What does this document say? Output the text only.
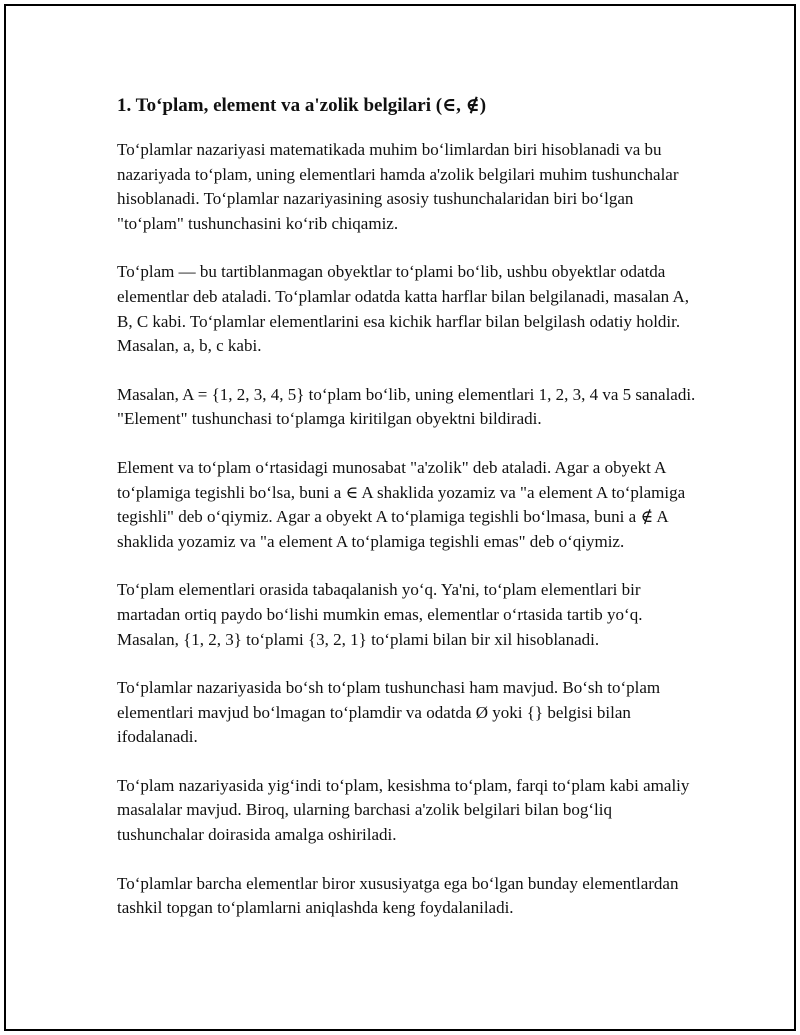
1. To‘plam, element va a'zolik belgilari (∈, ∉)

To‘plamlar nazariyasi matematikada muhim bo‘limlardan biri hisoblanadi va bu nazariyada to‘plam, uning elementlari hamda a'zolik belgilari muhim tushunchalar hisoblanadi. To‘plamlar nazariyasining asosiy tushunchalaridan biri bo‘lgan "to‘plam" tushunchasini ko‘rib chiqamiz.

To‘plam — bu tartiblanmagan obyektlar to‘plami bo‘lib, ushbu obyektlar odatda elementlar deb ataladi. To‘plamlar odatda katta harflar bilan belgilanadi, masalan A, B, C kabi. To‘plamlar elementlarini esa kichik harflar bilan belgilash odatiy holdir. Masalan, a, b, c kabi.

Masalan, A = {1, 2, 3, 4, 5} to‘plam bo‘lib, uning elementlari 1, 2, 3, 4 va 5 sanaladi. "Element" tushunchasi to‘plamga kiritilgan obyektni bildiradi.

Element va to‘plam o‘rtasidagi munosabat "a'zolik" deb ataladi. Agar a obyekt A to‘plamiga tegishli bo‘lsa, buni a ∈ A shaklida yozamiz va "a element A to‘plamiga tegishli" deb o‘qiymiz. Agar a obyekt A to‘plamiga tegishli bo‘lmasa, buni a ∉ A shaklida yozamiz va "a element A to‘plamiga tegishli emas" deb o‘qiymiz.

To‘plam elementlari orasida tabaqalanish yo‘q. Ya'ni, to‘plam elementlari bir martadan ortiq paydo bo‘lishi mumkin emas, elementlar o‘rtasida tartib yo‘q. Masalan, {1, 2, 3} to‘plami {3, 2, 1} to‘plami bilan bir xil hisoblanadi.

To‘plamlar nazariyasida bo‘sh to‘plam tushunchasi ham mavjud. Bo‘sh to‘plam elementlari mavjud bo‘lmagan to‘plamdir va odatda Ø yoki {} belgisi bilan ifodalanadi.

To‘plam nazariyasida yig‘indi to‘plam, kesishma to‘plam, farqi to‘plam kabi amaliy masalalar mavjud. Biroq, ularning barchasi a'zolik belgilari bilan bog‘liq tushunchalar doirasida amalga oshiriladi.

To‘plamlar barcha elementlar biror xususiyatga ega bo‘lgan bunday elementlardan tashkil topgan to‘plamlarni aniqlashda keng foydalaniladi.
